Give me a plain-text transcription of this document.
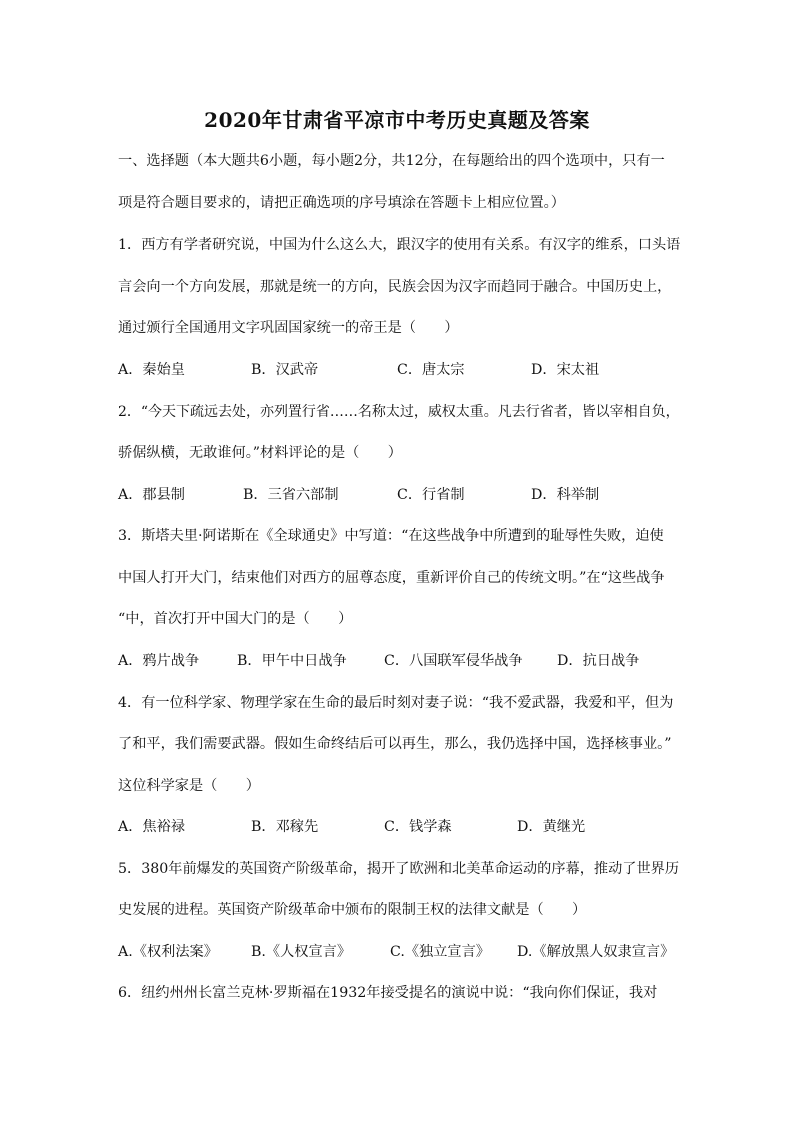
2020年甘肃省平凉市中考历史真题及答案
一、选择题（本大题共6小题，每小题2分，共12分，在每题给出的四个选项中，只有一
项是符合题目要求的，请把正确选项的序号填涂在答题卡上相应位置。）
1．西方有学者研究说，中国为什么这么大，跟汉字的使用有关系。有汉字的维系，口头语
言会向一个方向发展，那就是统一的方向，民族会因为汉字而趋同于融合。中国历史上，
通过颁行全国通用文字巩固国家统一的帝王是（　　）
A．秦始皇	B．汉武帝	C．唐太宗	D．宋太祖
2．“今天下疏远去处，亦列置行省……名称太过，威权太重。凡去行省者，皆以宰相自负，
骄倨纵横，无敢谁何。”材料评论的是（　　）
A．郡县制	B．三省六部制	C．行省制	D．科举制
3．斯塔夫里·阿诺斯在《全球通史》中写道：“在这些战争中所遭到的耻辱性失败，迫使
中国人打开大门，结束他们对西方的屈尊态度，重新评价自己的传统文明。”在“这些战争
“中，首次打开中国大门的是（　　）
A．鸦片战争	B．甲午中日战争	C．八国联军侵华战争 D．抗日战争
4．有一位科学家、物理学家在生命的最后时刻对妻子说：“我不爱武器，我爱和平，但为
了和平，我们需要武器。假如生命终结后可以再生，那么，我仍选择中国，选择核事业。”
这位科学家是（　　）
A．焦裕禄	B．邓稼先	C．钱学森	D．黄继光
5．380年前爆发的英国资产阶级革命，揭开了欧洲和北美革命运动的序幕，推动了世界历
史发展的进程。英国资产阶级革命中颁布的限制王权的法律文献是（　　）
A.《权利法案》 B.《人权宣言》	C.《独立宣言》 D.《解放黑人奴隶宣言》
6．纽约州州长富兰克林·罗斯福在1932年接受提名的演说中说：“我向你们保证，我对
